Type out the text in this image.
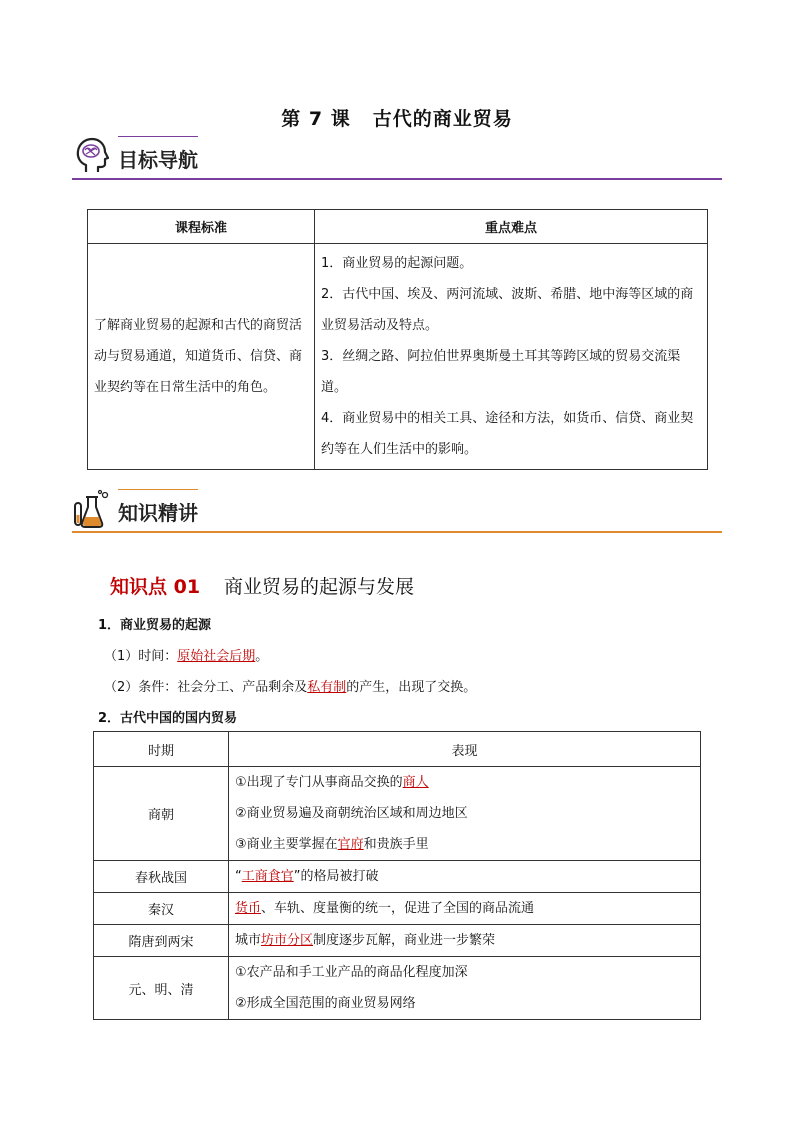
第 7 课 古代的商业贸易
目标导航
课程标准	重点难点
了解商业贸易的起源和古代的商贸活动与贸易通道，知道货币、信贷、商业契约等在日常生活中的角色。	1．商业贸易的起源问题。
2．古代中国、埃及、两河流域、波斯、希腊、地中海等区域的商业贸易活动及特点。
3．丝绸之路、阿拉伯世界奥斯曼土耳其等跨区域的贸易交流渠道。
4．商业贸易中的相关工具、途径和方法，如货币、信贷、商业契约等在人们生活中的影响。
知识精讲
知识点 01 商业贸易的起源与发展
1．商业贸易的起源
（1）时间：原始社会后期。
（2）条件：社会分工、产品剩余及私有制的产生，出现了交换。
2．古代中国的国内贸易
时期	表现
商朝	①出现了专门从事商品交换的商人
②商业贸易遍及商朝统治区域和周边地区
③商业主要掌握在官府和贵族手里

春秋战国	“工商食官”的格局被打破

秦汉	货币、车轨、度量衡的统一，促进了全国的商品流通

隋唐到两宋	城市坊市分区制度逐步瓦解，商业进一步繁荣

元、明、清	①农产品和手工业产品的商品化程度加深
②形成全国范围的商业贸易网络
